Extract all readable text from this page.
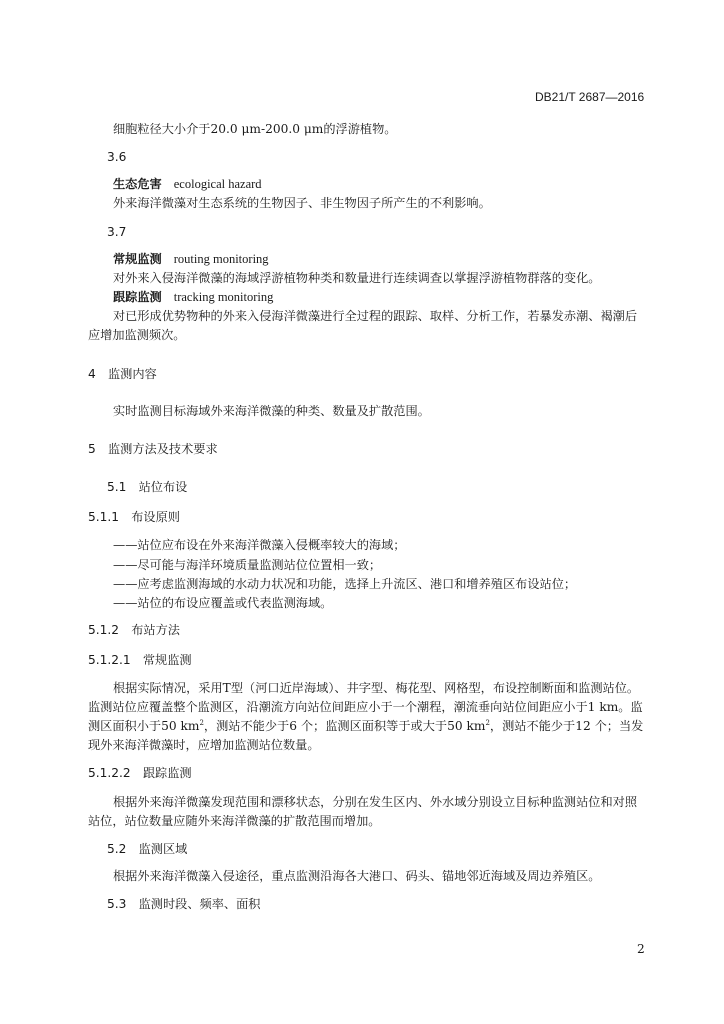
DB21/T 2687—2016
细胞粒径大小介于20.0 μm-200.0 μm的浮游植物。
3.6
生态危害 ecological hazard
外来海洋微藻对生态系统的生物因子、非生物因子所产生的不利影响。
3.7
常规监测 routing monitoring
对外来入侵海洋微藻的海域浮游植物种类和数量进行连续调查以掌握浮游植物群落的变化。
跟踪监测 tracking monitoring
对已形成优势物种的外来入侵海洋微藻进行全过程的跟踪、取样、分析工作，若暴发赤潮、褐潮后
应增加监测频次。
4　监测内容
实时监测目标海域外来海洋微藻的种类、数量及扩散范围。
5　监测方法及技术要求
5.1　站位布设
5.1.1　布设原则
——站位应布设在外来海洋微藻入侵概率较大的海域；
——尽可能与海洋环境质量监测站位位置相一致；
——应考虑监测海域的水动力状况和功能，选择上升流区、港口和增养殖区布设站位；
——站位的布设应覆盖或代表监测海域。
5.1.2　布站方法
5.1.2.1　常规监测
根据实际情况，采用T型（河口近岸海域）、井字型、梅花型、网格型，布设控制断面和监测站位。
监测站位应覆盖整个监测区，沿潮流方向站位间距应小于一个潮程，潮流垂向站位间距应小于1 km。监
测区面积小于50 $km^2$，测站不能少于6 个；监测区面积等于或大于50 $km^2$，测站不能少于12 个；当发
现外来海洋微藻时，应增加监测站位数量。
5.1.2.2　跟踪监测
根据外来海洋微藻发现范围和漂移状态，分别在发生区内、外水域分别设立目标种监测站位和对照
站位，站位数量应随外来海洋微藻的扩散范围而增加。
5.2　监测区域
根据外来海洋微藻入侵途径，重点监测沿海各大港口、码头、锚地邻近海域及周边养殖区。
5.3　监测时段、频率、面积
2
